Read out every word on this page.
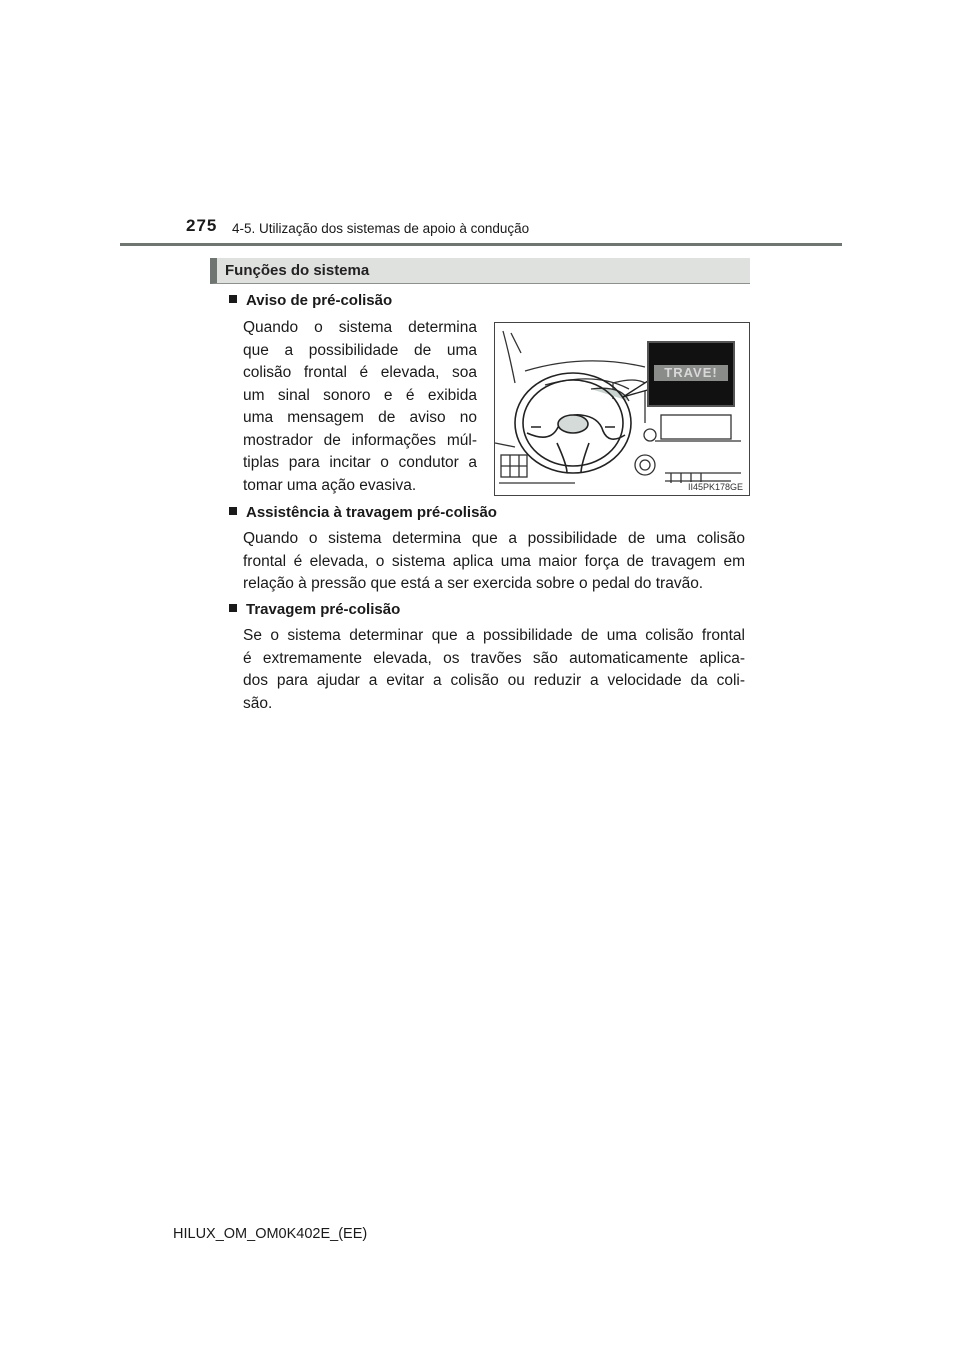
275 4-5. Utilização dos sistemas de apoio à condução
Funções do sistema
Aviso de pré-colisão
Quando o sistema determina
que a possibilidade de uma
colisão frontal é elevada, soa
um sinal sonoro e é exibida
uma mensagem de aviso no
mostrador de informações múl-
tiplas para incitar o condutor a
tomar uma ação evasiva.
TRAVE!
II45PK178GE
Assistência à travagem pré-colisão
Quando o sistema determina que a possibilidade de uma colisão
frontal é elevada, o sistema aplica uma maior força de travagem em
relação à pressão que está a ser exercida sobre o pedal do travão.
Travagem pré-colisão
Se o sistema determinar que a possibilidade de uma colisão frontal
é extremamente elevada, os travões são automaticamente aplica-
dos para ajudar a evitar a colisão ou reduzir a velocidade da coli-
são.
HILUX_OM_OM0K402E_(EE)
